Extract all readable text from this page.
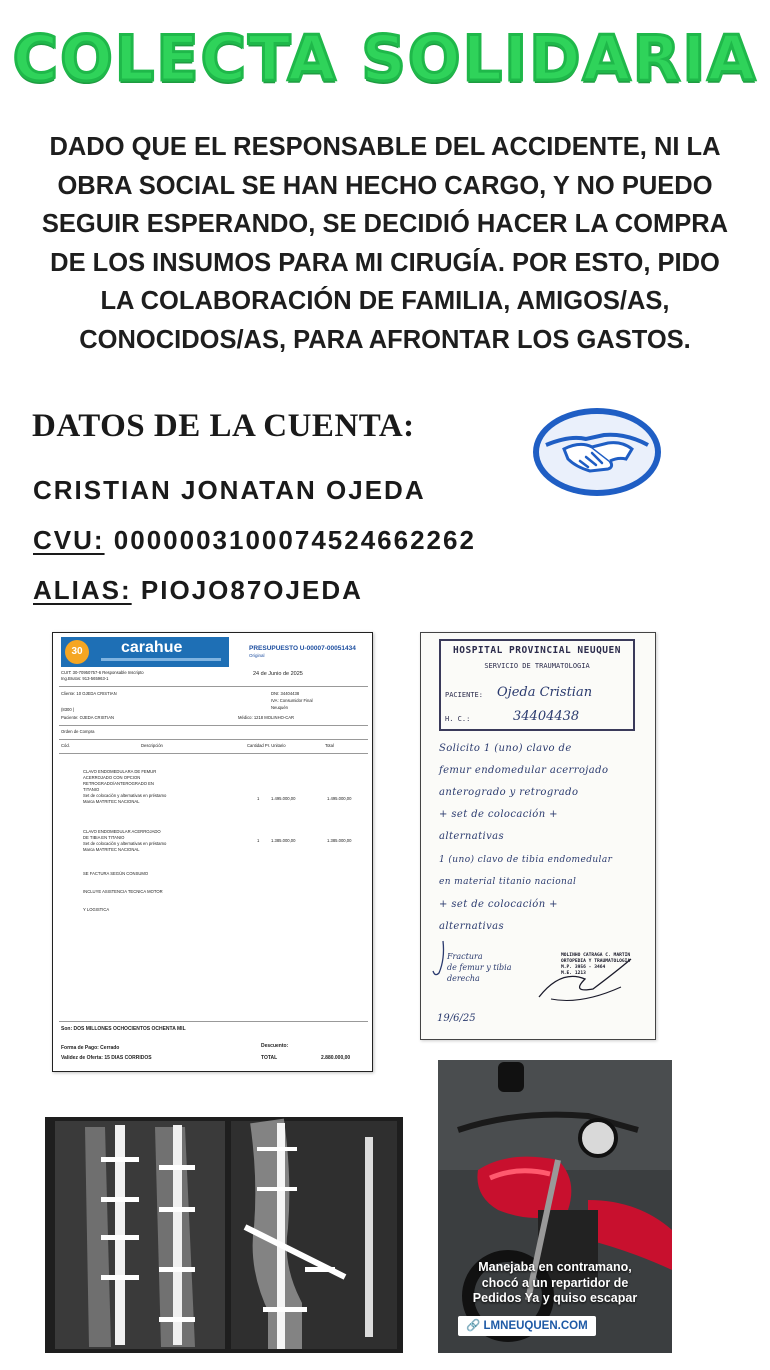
COLECTA SOLIDARIA
DADO QUE EL RESPONSABLE DEL ACCIDENTE, NI LA
OBRA SOCIAL SE HAN HECHO CARGO, Y NO PUEDO
SEGUIR ESPERANDO, SE DECIDIÓ HACER LA COMPRA
DE LOS INSUMOS PARA MI CIRUGÍA. POR ESTO, PIDO
LA COLABORACIÓN DE FAMILIA, AMIGOS/AS,
CONOCIDOS/AS, PARA AFRONTAR LOS GASTOS.
DATOS DE LA CUENTA:
CRISTIAN JONATAN OJEDA
CVU: 0000003100074524662262
ALIAS: PIOJO87OJEDA
30	carahue	PRESUPUESTO U-00007-00051434
Original
CUIT: 30-70950757-6 Responsable Inscripto
Ing.Brutos: 913-565963-1
24 de Junio de 2025
Cliente: 10 OJEDA CRISTIAN	DNI: 34404438
IVA: Consumidor Final
Neuquén
(8300 )
Paciente: OJEDA CRISTIAN	Médico: 1218 MOLINHO-CAR
Orden de Compra
Cód.	Descripción	Cantidad Pr. Unitario	Total
CLAVO ENDOMEDULARA DE FEMUR
ACERROJADO CON OPCION
RETROGRADO/ANTEROGRADO EN
TITANIO
Set de colocación y alternativas en préstamo
Marca MATRITEC NACIONAL
1	1.495.000,00	1.495.000,00
CLAVO ENDOMEDULAR ACERROJADO
DE TIBIA EN TITANIO
Set de colocación y alternativas en préstamo
Marca MATRITEC NACIONAL
1	1.385.000,00	1.385.000,00
SE FACTURA SEGÚN CONSUMO
INCLUYE ASISTENCIA TECNICA MOTOR
Y LOGISTICA
Son: DOS MILLONES OCHOCIENTOS OCHENTA MIL
Forma de Pago: Cerrado
Validez de Oferta: 15 DIAS CORRIDOS
Descuento:
TOTAL	2.880.000,00
HOSPITAL PROVINCIAL NEUQUEN
SERVICIO DE TRAUMATOLOGIA
PACIENTE: Ojeda Cristian
H. C.:	34404438
Solicito 1 (uno) clavo de
femur endomedular acerrojado
anterogrado y retrogrado
+ set de colocación +
alternativas
1 (uno) clavo de tibia endomedular
en material titanio nacional
+ set de colocación +
alternativas
Fractura
de femur y tibia
derecha
MOLINHO CATRAGA C. MARTIN
ORTOPEDIA Y TRAUMATOLOGIA
M.P. 3956 - 3464
M.E. 1213
19/6/25
Manejaba en contramano,
chocó a un repartidor de
Pedidos Ya y quiso escapar
🔗 LMNEUQUEN.COM
